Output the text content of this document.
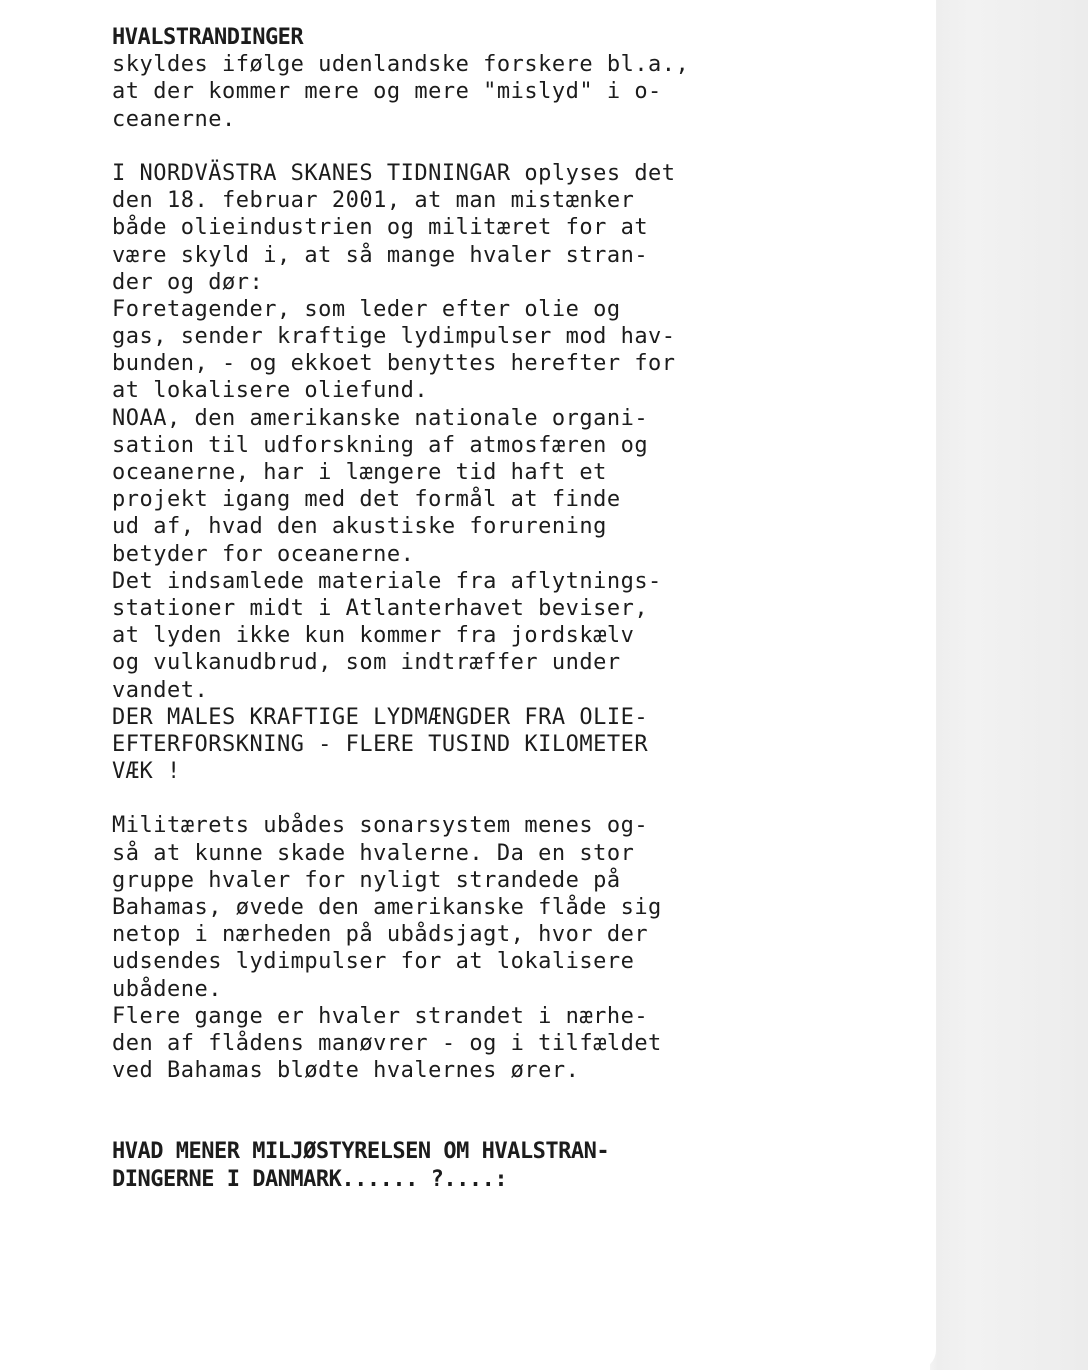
HVALSTRANDINGER
skyldes ifølge udenlandske forskere bl.a.,
at der kommer mere og mere "mislyd" i o-
ceanerne.
I NORDVÄSTRA SKANES TIDNINGAR oplyses det
den 18. februar 2001, at man mistænker
både olieindustrien og militæret for at
være skyld i, at så mange hvaler stran-
der og dør:
Foretagender, som leder efter olie og
gas, sender kraftige lydimpulser mod hav-
bunden, - og ekkoet benyttes herefter for
at lokalisere oliefund.
NOAA, den amerikanske nationale organi-
sation til udforskning af atmosfæren og
oceanerne, har i længere tid haft et
projekt igang med det formål at finde
ud af, hvad den akustiske forurening
betyder for oceanerne.
Det indsamlede materiale fra aflytnings-
stationer midt i Atlanterhavet beviser,
at lyden ikke kun kommer fra jordskælv
og vulkanudbrud, som indtræffer under
vandet.
DER MALES KRAFTIGE LYDMÆNGDER FRA OLIE-
EFTERFORSKNING - FLERE TUSIND KILOMETER
VÆK !
Militærets ubådes sonarsystem menes og-
så at kunne skade hvalerne. Da en stor
gruppe hvaler for nyligt strandede på
Bahamas, øvede den amerikanske flåde sig
netop i nærheden på ubådsjagt, hvor der
udsendes lydimpulser for at lokalisere
ubådene.
Flere gange er hvaler strandet i nærhe-
den af flådens manøvrer - og i tilfældet
ved Bahamas blødte hvalernes ører.
HVAD MENER MILJØSTYRELSEN OM HVALSTRAN-
DINGERNE I DANMARK...... ?....:
